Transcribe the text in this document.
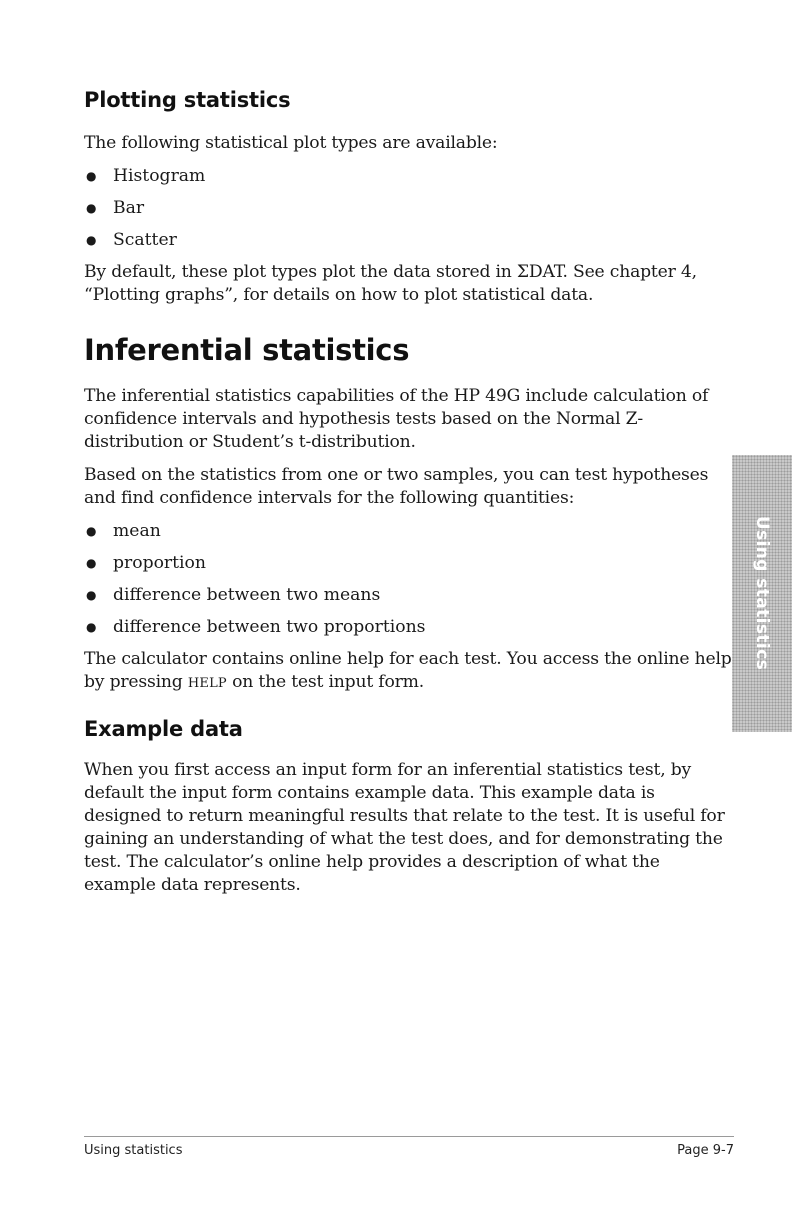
Plotting statistics

The following statistical plot types are available:

● Histogram
● Bar
● Scatter

By default, these plot types plot the data stored in ΣDAT. See chapter 4, “Plotting graphs”, for details on how to plot statistical data.

Inferential statistics

The inferential statistics capabilities of the HP 49G include calculation of confidence intervals and hypothesis tests based on the Normal Z-distribution or Student’s t-distribution.

Based on the statistics from one or two samples, you can test hypotheses and find confidence intervals for the following quantities:

● mean
● proportion
● difference between two means
● difference between two proportions

The calculator contains online help for each test. You access the online help by pressing HELP on the test input form.

Example data

When you first access an input form for an inferential statistics test, by default the input form contains example data. This example data is designed to return meaningful results that relate to the test. It is useful for gaining an understanding of what the test does, and for demonstrating the test. The calculator’s online help provides a description of what the example data represents.

Using statistics
Using statistics	Page 9-7
